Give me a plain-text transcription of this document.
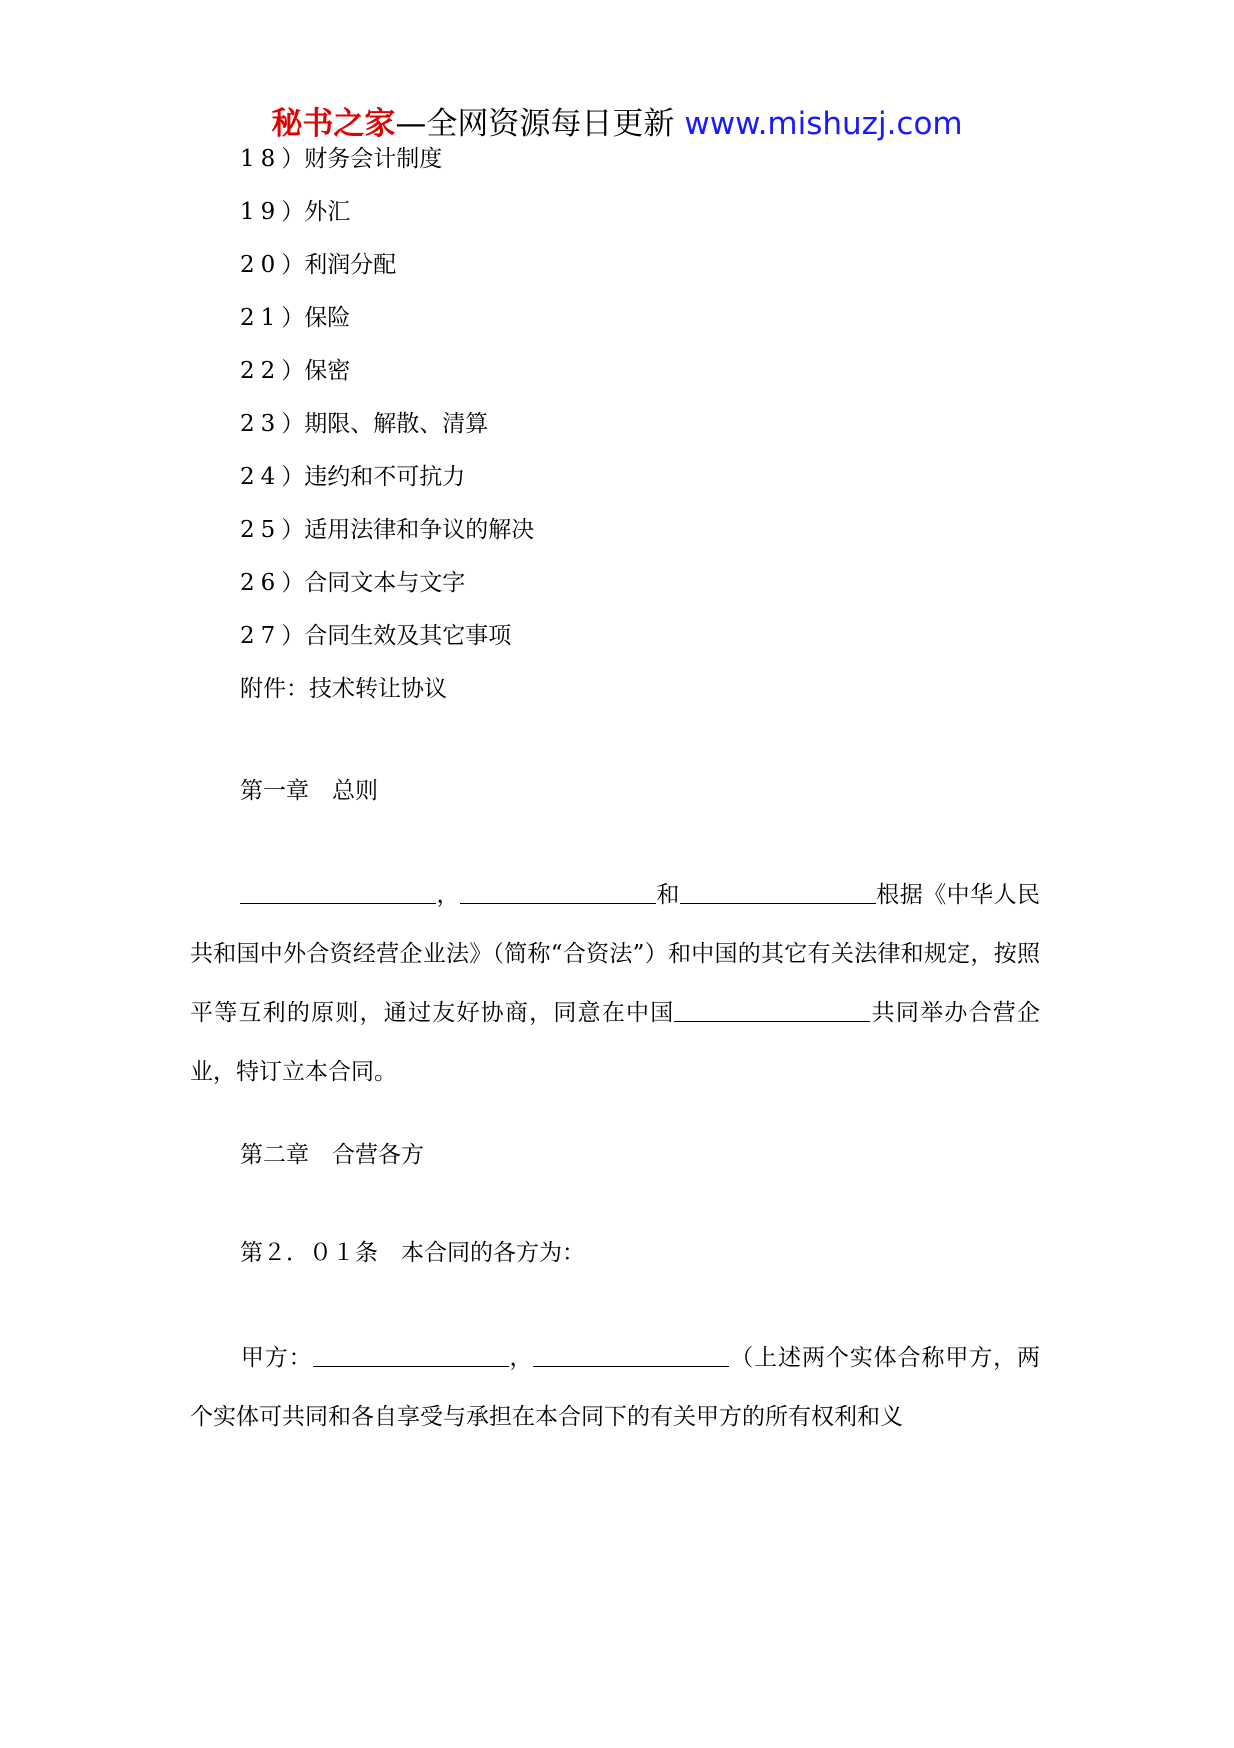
秘书之家—全网资源每日更新 www.mishuzj.com
18）财务会计制度
19）外汇
20）利润分配
21）保险
22）保密
23）期限、解散、清算
24）违约和不可抗力
25）适用法律和争议的解决
26）合同文本与文字
27）合同生效及其它事项
附件：技术转让协议
第一章　总则
，	和	根据《中华人民共和国中外合资经营企业法》（简称“合资法”）和中国的其它有关法律和规定，按照平等互利的原则，通过友好协商，同意在中国	共同举办合营企业，特订立本合同。
第二章　合营各方
第２．０１条　本合同的各方为：
甲方：	，	（上述两个实体合称甲方，两个实体可共同和各自享受与承担在本合同下的有关甲方的所有权利和义
